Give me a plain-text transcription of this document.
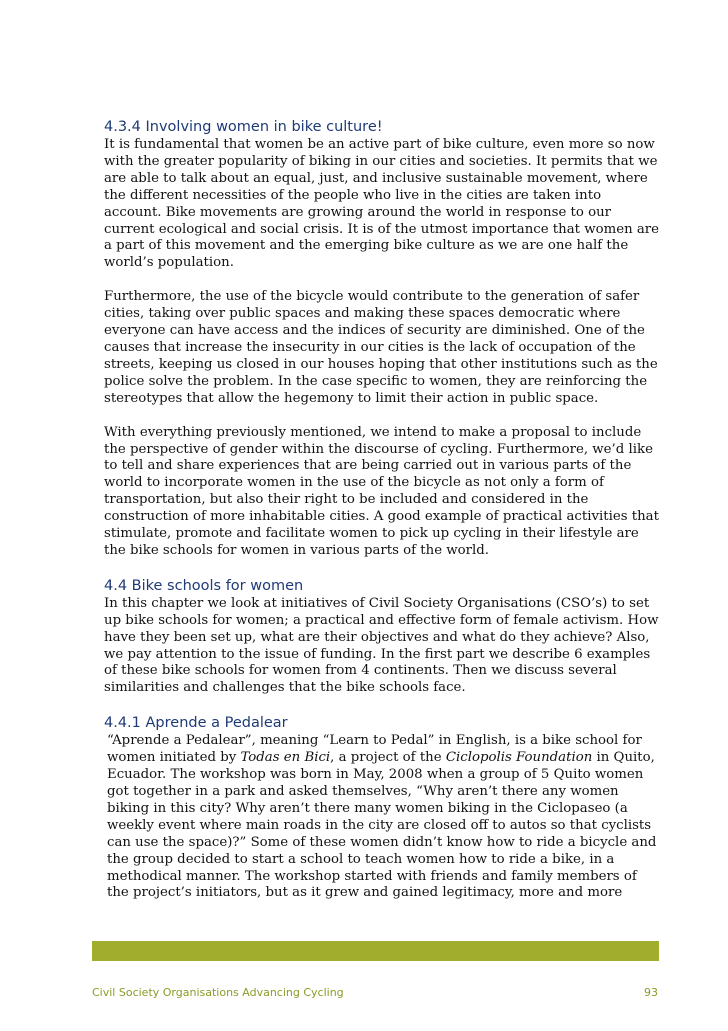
4.3.4 Involving women in bike culture!

It is fundamental that women be an active part of bike culture, even more so now with the greater popularity of biking in our cities and societies. It permits that we are able to talk about an equal, just, and inclusive sustainable movement, where the different necessities of the people who live in the cities are taken into account. Bike movements are growing around the world in response to our current ecological and social crisis. It is of the utmost importance that women are a part of this movement and the emerging bike culture as we are one half the world’s population.

Furthermore, the use of the bicycle would contribute to the generation of safer cities, taking over public spaces and making these spaces democratic where everyone can have access and the indices of security are diminished. One of the causes that increase the insecurity in our cities is the lack of occupation of the streets, keeping us closed in our houses hoping that other institutions such as the police solve the problem. In the case specific to women, they are reinforcing the stereotypes that allow the hegemony to limit their action in public space.

With everything previously mentioned, we intend to make a proposal to include the perspective of gender within the discourse of cycling. Furthermore, we’d like to tell and share experiences that are being carried out in various parts of the world to incorporate women in the use of the bicycle as not only a form of transportation, but also their right to be included and considered in the construction of more inhabitable cities. A good example of practical activities that stimulate, promote and facilitate women to pick up cycling in their lifestyle are the bike schools for women in various parts of the world.

4.4 Bike schools for women

In this chapter we look at initiatives of Civil Society Organisations (CSO’s) to set up bike schools for women; a practical and effective form of female activism. How have they been set up, what are their objectives and what do they achieve? Also, we pay attention to the issue of funding. In the first part we describe 6 examples of these bike schools for women from 4 continents. Then we discuss several similarities and challenges that the bike schools face.

4.4.1 Aprende a Pedalear

“Aprende a Pedalear”, meaning “Learn to Pedal” in English, is a bike school for women initiated by Todas en Bici, a project of the Ciclopolis Foundation in Quito, Ecuador. The workshop was born in May, 2008 when a group of 5 Quito women got together in a park and asked themselves, “Why aren’t there any women biking in this city? Why aren’t there many women biking in the Ciclopaseo (a weekly event where main roads in the city are closed off to autos so that cyclists can use the space)?” Some of these women didn’t know how to ride a bicycle and the group decided to start a school to teach women how to ride a bike, in a methodical manner. The workshop started with friends and family members of the project’s initiators, but as it grew and gained legitimacy, more and more

Civil Society Organisations Advancing Cycling	93
